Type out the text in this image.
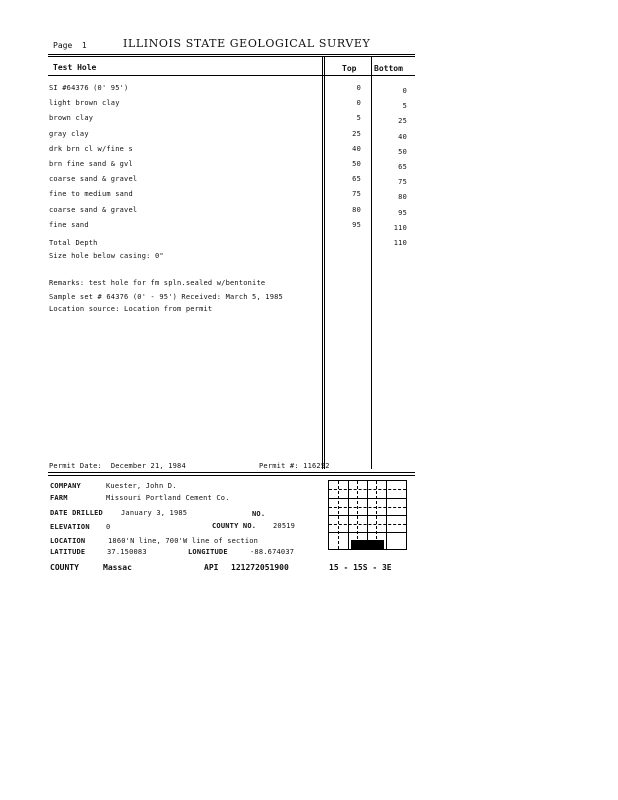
Page 1	ILLINOIS STATE GEOLOGICAL SURVEY
Test Hole	Top Bottom
SI #64376 (0' 95')	0	0
light brown clay	0	5
brown clay	5	25
gray clay	25	40
drk brn cl w/fine s	40	50
brn fine sand & gvl	50	65
coarse sand & gravel	65	75
fine to medium sand	75	80
coarse sand & gravel	80	95
fine sand	95	110
Total Depth	110
Size hole below casing: 0"
Remarks: test hole for fm spln.sealed w/bentonite
Sample set # 64376 (0' - 95') Received: March 5, 1985
Location source: Location from permit
Permit Date: December 21, 1984	Permit #: 116252
COMPANY	Kuester, John D.
FARM	Missouri Portland Cement Co.
DATE DRILLED	January 3, 1985	NO.
ELEVATION 0	COUNTY NO. 20519
LOCATION	1860'N line, 700'W line of section
LATITUDE	37.150083	LONGITUDE	-88.674037
COUNTY	Massac	API 121272051900	15 - 15S - 3E
